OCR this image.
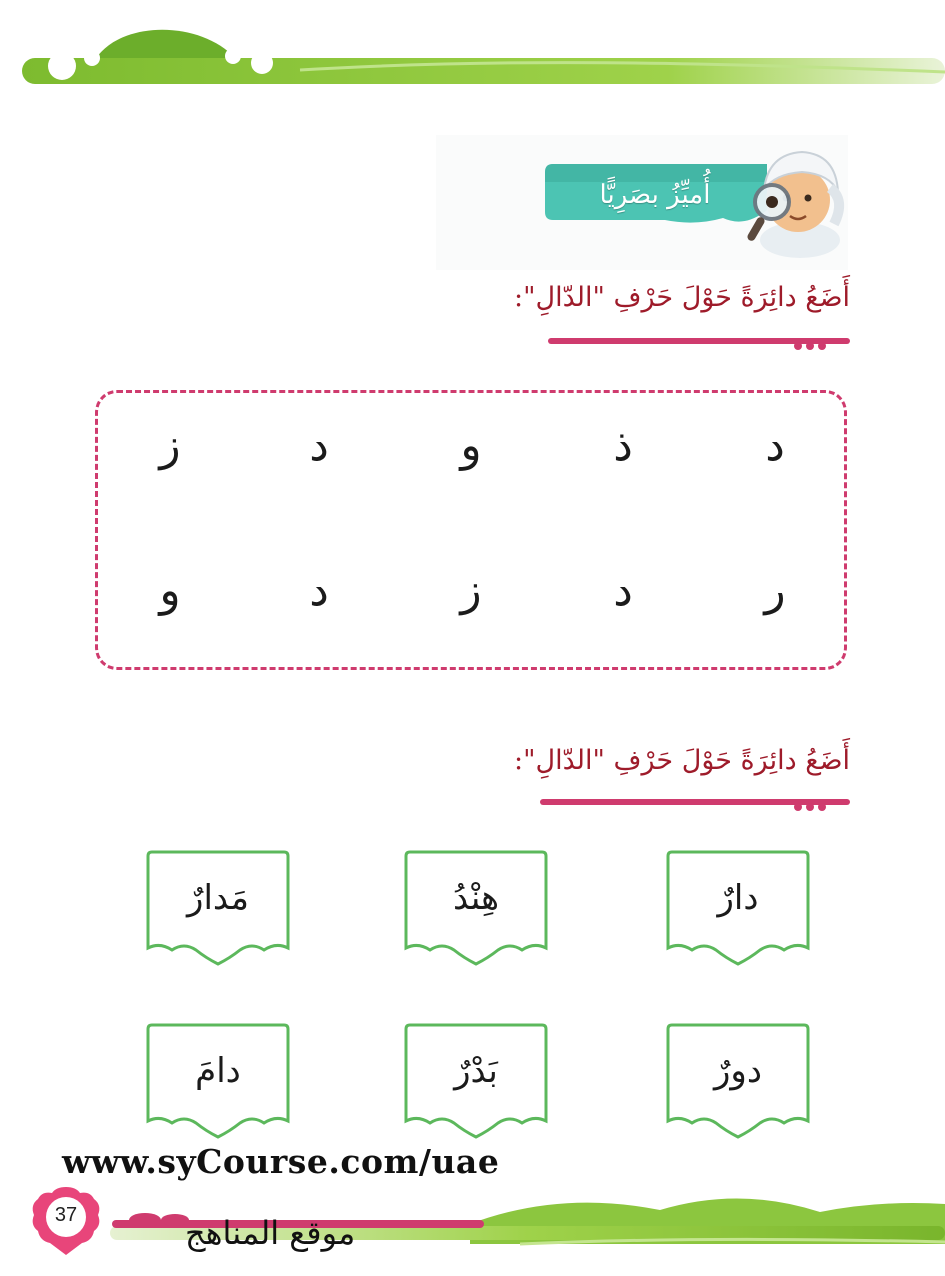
أُميِّزُ بصَرِيًّا
أَضَعُ دائِرَةً حَوْلَ حَرْفِ "الدّالِ":
د
ذ
و
د
ز
ر
د
ز
د
و
أَضَعُ دائِرَةً حَوْلَ حَرْفِ "الدّالِ":
دارٌ
هِنْدُ
مَدارٌ
دورٌ
بَدْرٌ
دامَ
www.syCourse.com/uae
37	موقع المناهج
